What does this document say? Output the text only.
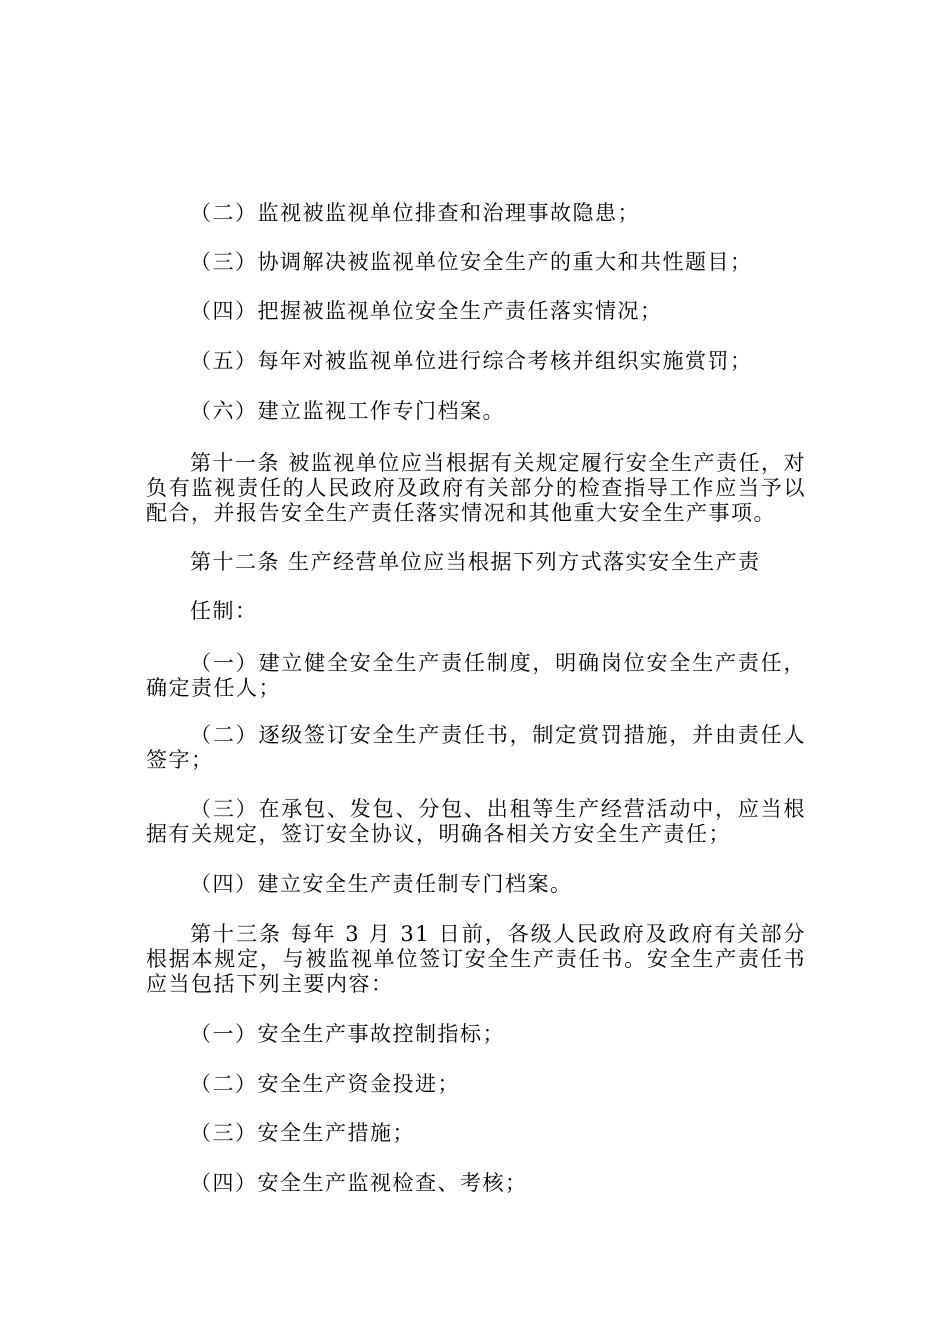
（二）监视被监视单位排查和治理事故隐患；
（三）协调解决被监视单位安全生产的重大和共性题目；
（四）把握被监视单位安全生产责任落实情况；
（五）每年对被监视单位进行综合考核并组织实施赏罚；
（六）建立监视工作专门档案。
第十一条 被监视单位应当根据有关规定履行安全生产责任，对负有监视责任的人民政府及政府有关部分的检查指导工作应当予以配合，并报告安全生产责任落实情况和其他重大安全生产事项。
第十二条 生产经营单位应当根据下列方式落实安全生产责
任制：
（一）建立健全安全生产责任制度，明确岗位安全生产责任，确定责任人；
（二）逐级签订安全生产责任书，制定赏罚措施，并由责任人签字；
（三）在承包、发包、分包、出租等生产经营活动中，应当根据有关规定，签订安全协议，明确各相关方安全生产责任；
（四）建立安全生产责任制专门档案。
第十三条 每年 3 月 31 日前，各级人民政府及政府有关部分根据本规定，与被监视单位签订安全生产责任书。安全生产责任书应当包括下列主要内容：
（一）安全生产事故控制指标；
（二）安全生产资金投进；
（三）安全生产措施；
（四）安全生产监视检查、考核；
